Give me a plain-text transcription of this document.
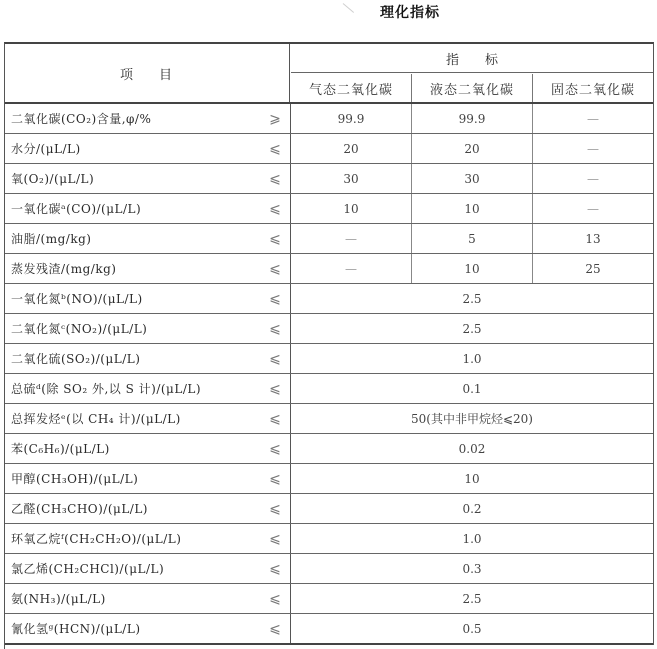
理化指标
项目
指标
气态二氧化碳	液态二氧化碳	固态二氧化碳
二氧化碳(CO₂)含量,φ/%	⩾	99.9	99.9	—
水分/(μL/L)	⩽	20	20	—
氧(O₂)/(μL/L)	⩽	30	30	—
一氧化碳ᵃ(CO)/(μL/L)	⩽	10	10	—
油脂/(mg/kg)	⩽	—	5	13
蒸发残渣/(mg/kg)	⩽	—	10	25
一氧化氮ᵇ(NO)/(μL/L)	⩽	2.5
二氧化氮ᶜ(NO₂)/(μL/L)	⩽	2.5
二氧化硫(SO₂)/(μL/L)	⩽	1.0
总硫ᵈ(除 SO₂ 外,以 S 计)/(μL/L)	⩽	0.1
总挥发烃ᵉ(以 CH₄ 计)/(μL/L)	⩽	50(其中非甲烷烃⩽20)
苯(C₆H₆)/(μL/L)	⩽	0.02
甲醇(CH₃OH)/(μL/L)	⩽	10
乙醛(CH₃CHO)/(μL/L)	⩽	0.2
环氧乙烷ᶠ(CH₂CH₂O)/(μL/L)	⩽	1.0
氯乙烯(CH₂CHCl)/(μL/L)	⩽	0.3
氨(NH₃)/(μL/L)	⩽	2.5
氰化氢ᵍ(HCN)/(μL/L)	⩽	0.5
